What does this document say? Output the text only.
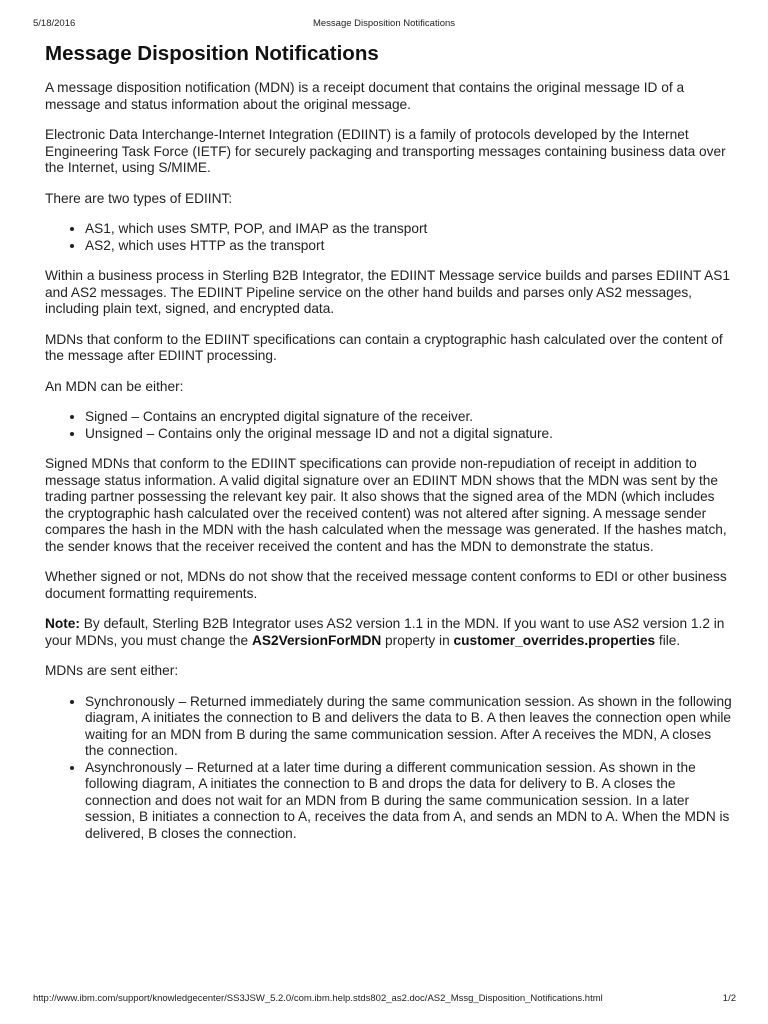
5/18/2016	Message Disposition Notifications
Message Disposition Notifications

A message disposition notification (MDN) is a receipt document that contains the original message ID of a message and status information about the original message.

Electronic Data Interchange-Internet Integration (EDIINT) is a family of protocols developed by the Internet Engineering Task Force (IETF) for securely packaging and transporting messages containing business data over the Internet, using S/MIME.

There are two types of EDIINT:

• AS1, which uses SMTP, POP, and IMAP as the transport
• AS2, which uses HTTP as the transport

Within a business process in Sterling B2B Integrator, the EDIINT Message service builds and parses EDIINT AS1 and AS2 messages. The EDIINT Pipeline service on the other hand builds and parses only AS2 messages, including plain text, signed, and encrypted data.

MDNs that conform to the EDIINT specifications can contain a cryptographic hash calculated over the content of the message after EDIINT processing.

An MDN can be either:

• Signed – Contains an encrypted digital signature of the receiver.
• Unsigned – Contains only the original message ID and not a digital signature.

Signed MDNs that conform to the EDIINT specifications can provide non-repudiation of receipt in addition to message status information. A valid digital signature over an EDIINT MDN shows that the MDN was sent by the trading partner possessing the relevant key pair. It also shows that the signed area of the MDN (which includes the cryptographic hash calculated over the received content) was not altered after signing. A message sender compares the hash in the MDN with the hash calculated when the message was generated. If the hashes match, the sender knows that the receiver received the content and has the MDN to demonstrate the status.

Whether signed or not, MDNs do not show that the received message content conforms to EDI or other business document formatting requirements.

Note: By default, Sterling B2B Integrator uses AS2 version 1.1 in the MDN. If you want to use AS2 version 1.2 in your MDNs, you must change the AS2VersionForMDN property in customer_overrides.properties file.

MDNs are sent either:

• Synchronously – Returned immediately during the same communication session. As shown in the following diagram, A initiates the connection to B and delivers the data to B. A then leaves the connection open while waiting for an MDN from B during the same communication session. After A receives the MDN, A closes the connection.
• Asynchronously – Returned at a later time during a different communication session. As shown in the following diagram, A initiates the connection to B and drops the data for delivery to B. A closes the connection and does not wait for an MDN from B during the same communication session. In a later session, B initiates a connection to A, receives the data from A, and sends an MDN to A. When the MDN is delivered, B closes the connection.
http://www.ibm.com/support/knowledgecenter/SS3JSW_5.2.0/com.ibm.help.stds802_as2.doc/AS2_Mssg_Disposition_Notifications.html	1/2
